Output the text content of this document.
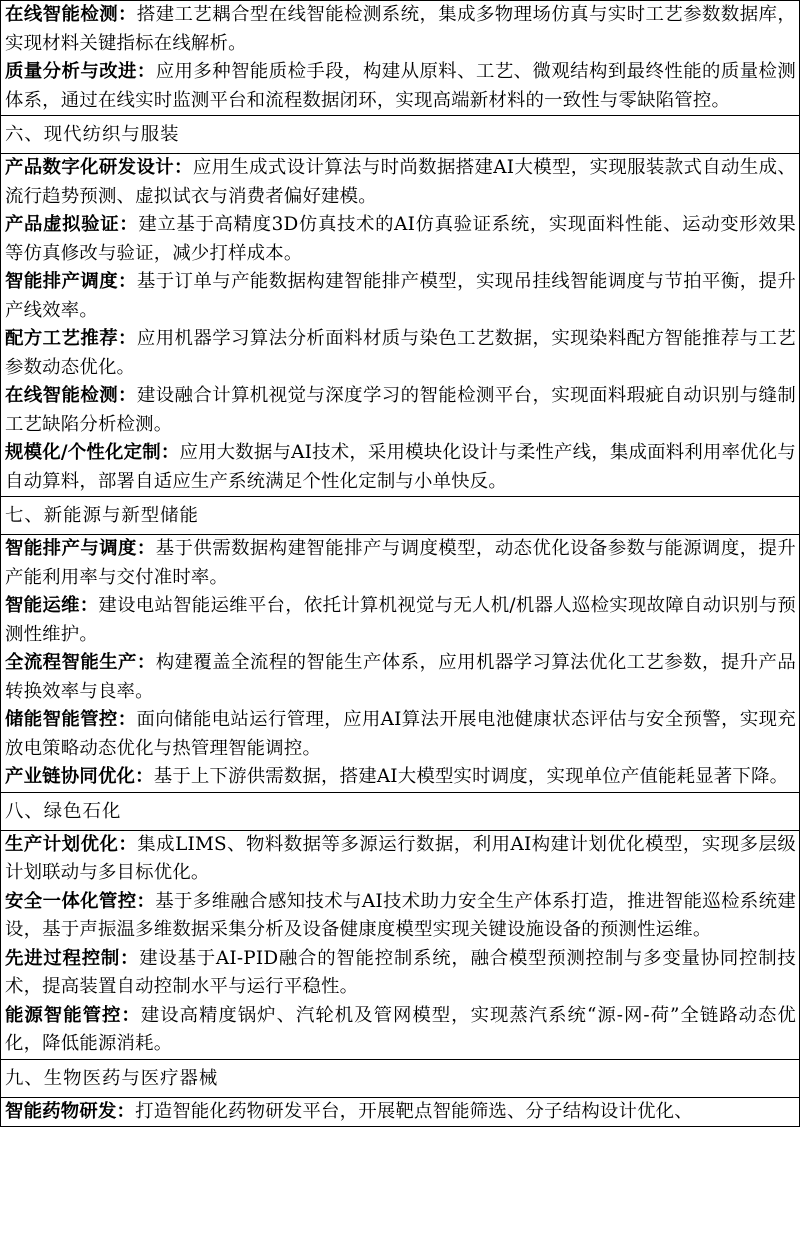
在线智能检测：搭建工艺耦合型在线智能检测系统，集成多物理场仿真与实时工艺参数数据库，实现材料关键指标在线解析。
质量分析与改进：应用多种智能质检手段，构建从原料、工艺、微观结构到最终性能的质量检测体系，通过在线实时监测平台和流程数据闭环，实现高端新材料的一致性与零缺陷管控。

六、现代纺织与服装

产品数字化研发设计：应用生成式设计算法与时尚数据搭建AI大模型，实现服装款式自动生成、流行趋势预测、虚拟试衣与消费者偏好建模。
产品虚拟验证：建立基于高精度3D仿真技术的AI仿真验证系统，实现面料性能、运动变形效果等仿真修改与验证，减少打样成本。
智能排产调度：基于订单与产能数据构建智能排产模型，实现吊挂线智能调度与节拍平衡，提升产线效率。
配方工艺推荐：应用机器学习算法分析面料材质与染色工艺数据，实现染料配方智能推荐与工艺参数动态优化。
在线智能检测：建设融合计算机视觉与深度学习的智能检测平台，实现面料瑕疵自动识别与缝制工艺缺陷分析检测。
规模化/个性化定制：应用大数据与AI技术，采用模块化设计与柔性产线，集成面料利用率优化与自动算料，部署自适应生产系统满足个性化定制与小单快反。

七、新能源与新型储能

智能排产与调度：基于供需数据构建智能排产与调度模型，动态优化设备参数与能源调度，提升产能利用率与交付准时率。
智能运维：建设电站智能运维平台，依托计算机视觉与无人机/机器人巡检实现故障自动识别与预测性维护。
全流程智能生产：构建覆盖全流程的智能生产体系，应用机器学习算法优化工艺参数，提升产品转换效率与良率。
储能智能管控：面向储能电站运行管理，应用AI算法开展电池健康状态评估与安全预警，实现充放电策略动态优化与热管理智能调控。
产业链协同优化：基于上下游供需数据，搭建AI大模型实时调度，实现单位产值能耗显著下降。

八、绿色石化

生产计划优化：集成LIMS、物料数据等多源运行数据，利用AI构建计划优化模型，实现多层级计划联动与多目标优化。
安全一体化管控：基于多维融合感知技术与AI技术助力安全生产体系打造，推进智能巡检系统建设，基于声振温多维数据采集分析及设备健康度模型实现关键设施设备的预测性运维。
先进过程控制：建设基于AI-PID融合的智能控制系统，融合模型预测控制与多变量协同控制技术，提高装置自动控制水平与运行平稳性。
能源智能管控：建设高精度锅炉、汽轮机及管网模型，实现蒸汽系统“源-网-荷”全链路动态优化，降低能源消耗。

九、生物医药与医疗器械

智能药物研发：打造智能化药物研发平台，开展靶点智能筛选、分子结构设计优化、
